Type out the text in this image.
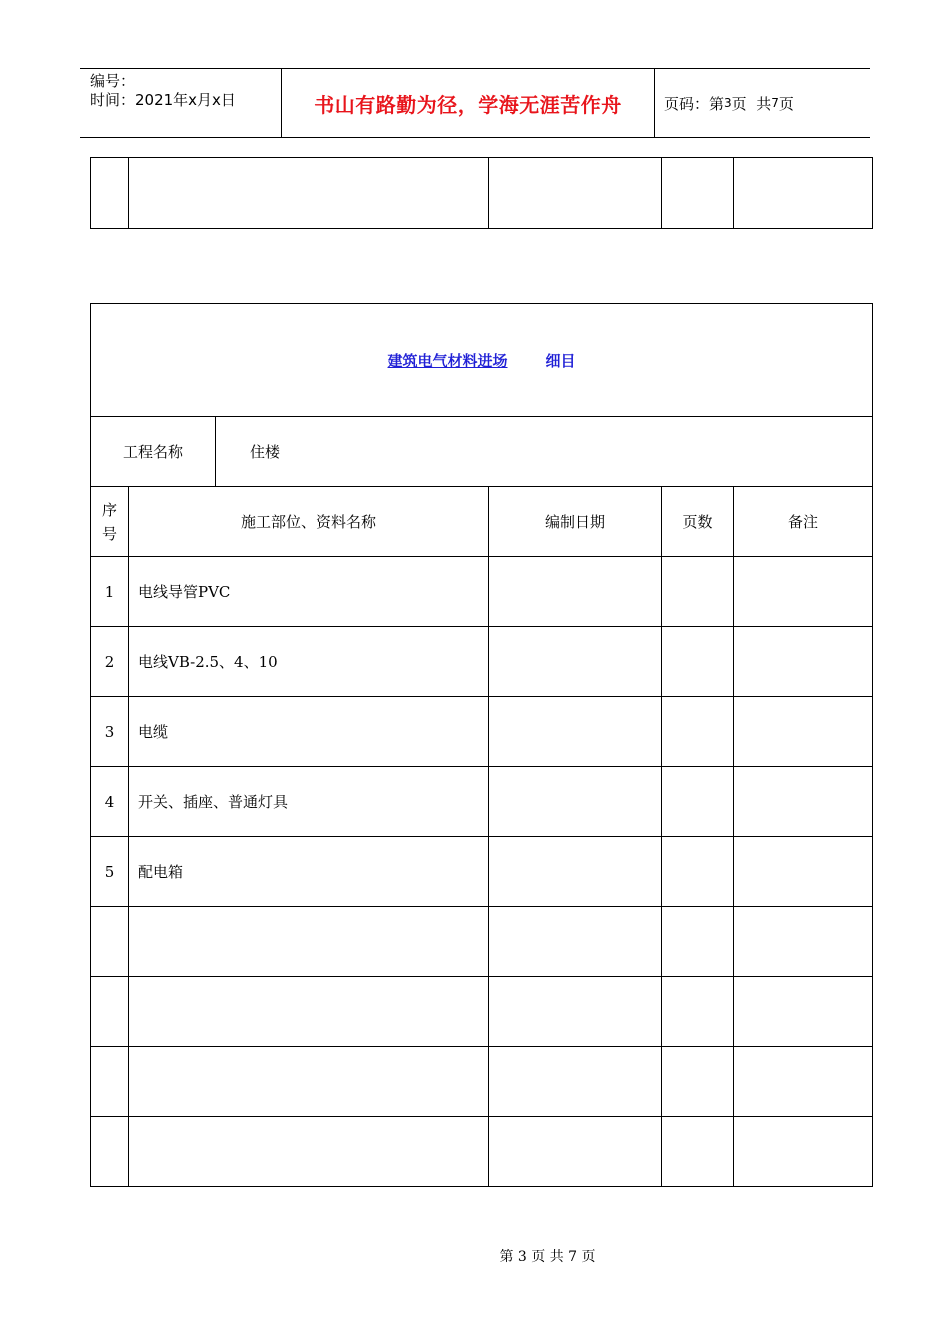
编号：
时间：2021年x月x日	书山有路勤为径，学海无涯苦作舟	页码：第 3 页  共 7 页

建筑电气材料进场 细目					
工程名称		住楼			
序号	施工部位、资料名称		编制日期	页数	备注
1	电线导管PVC				
2	电线VB-2.5、4、10				
3	电缆				
4	开关、插座、普通灯具				
5	配电箱				

第 3 页 共 7 页
